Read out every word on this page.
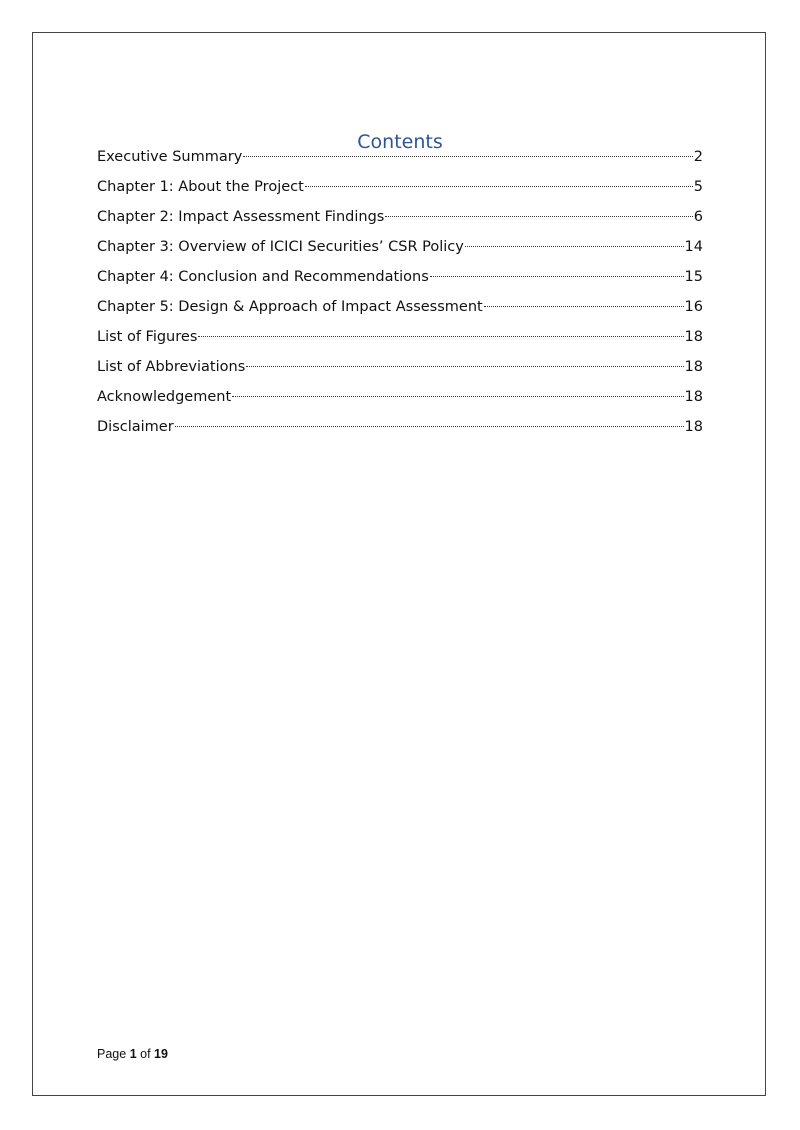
Contents
Executive Summary	2
Chapter 1: About the Project	5
Chapter 2: Impact Assessment Findings	6
Chapter 3: Overview of ICICI Securities’ CSR Policy	14
Chapter 4: Conclusion and Recommendations	15
Chapter 5: Design & Approach of Impact Assessment	16
List of Figures	18
List of Abbreviations	18
Acknowledgement	18
Disclaimer	18
Page 1 of 19
